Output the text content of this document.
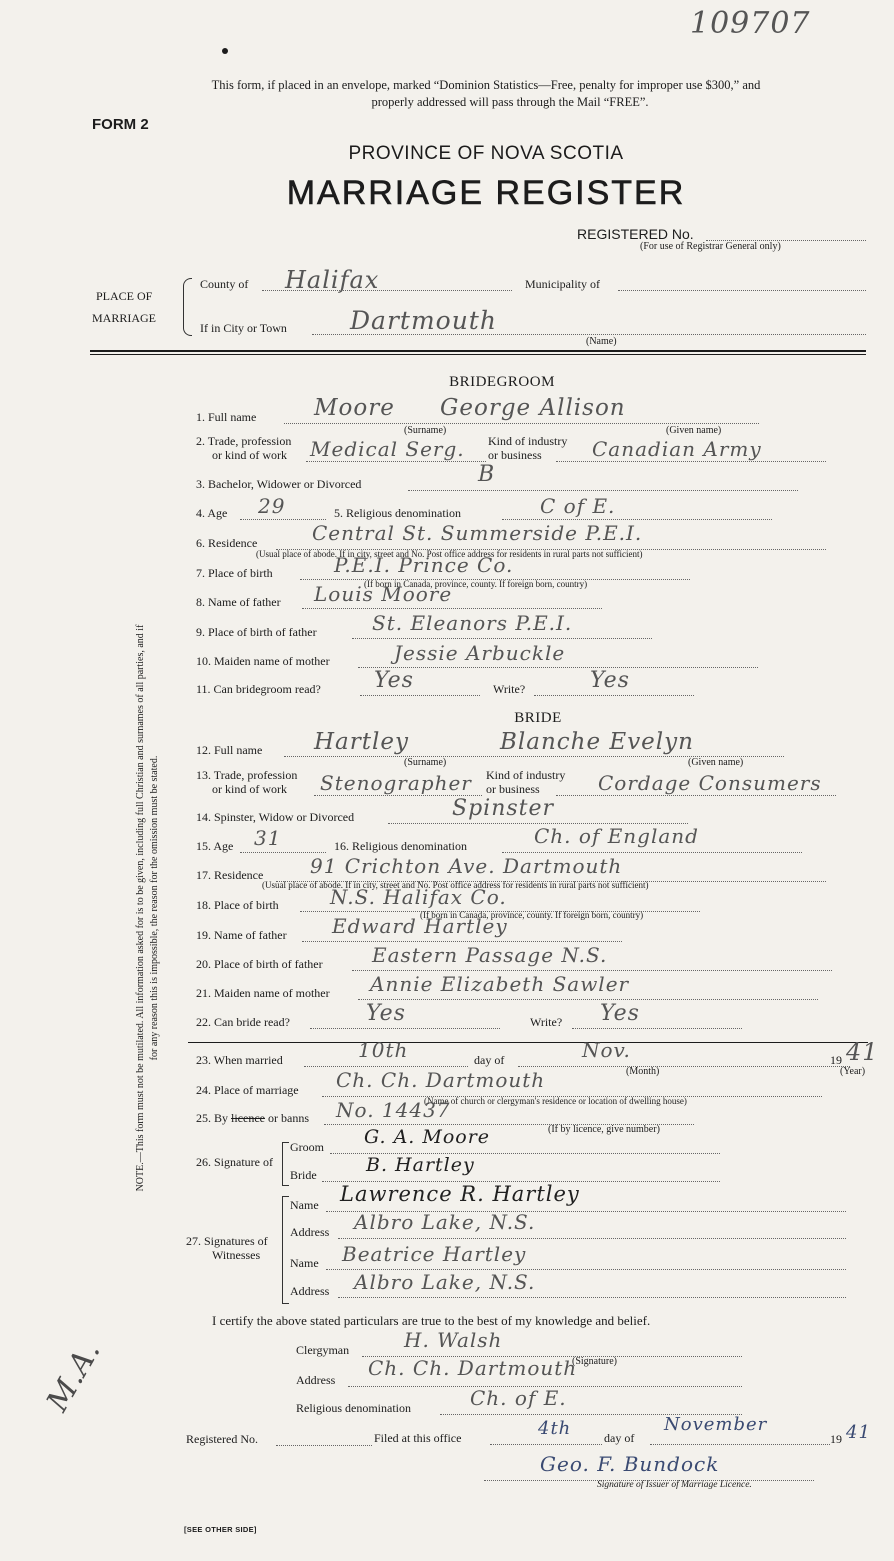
109707
This form, if placed in an envelope, marked “Dominion Statistics—Free, penalty for improper use $300,” and
properly addressed will pass through the Mail “FREE”.
FORM 2
PROVINCE OF NOVA SCOTIA
MARRIAGE REGISTER
REGISTERED No.
(For use of Registrar General only)
PLACE OF
MARRIAGE
County of Halifax	Municipality of
If in City or Town	Dartmouth
(Name)
NOTE.—This form must not be mutilated. All information asked for is to be given, including full Christian and surnames of all parties, and if for any reason this is impossible, the reason for the omission must be stated.
BRIDEGROOM
1. Full name	Moore George Allison
(Surname)	(Given name)
2. Trade, profession
or kind of work Medical Serg. Kind of industry
or business	Canadian Army
3. Bachelor, Widower or Divorced	B
4. Age 29	5. Religious denomination	C of E.
6. Residence	Central St. Summerside P.E.I.
(Usual place of abode. If in city, street and No. Post office address for residents in rural parts not sufficient)
7. Place of birth	P.E.I. Prince Co.
(If born in Canada, province, county. If foreign born, country)
8. Name of father Louis Moore
9. Place of birth of father	St. Eleanors P.E.I.
10. Maiden name of mother	Jessie Arbuckle
11. Can bridegroom read? Yes	Write?	Yes
BRIDE
12. Full name Hartley	Blanche Evelyn
(Surname)	(Given name)
13. Trade, profession
or kind of work Stenographer Kind of industry
or business	Cordage Consumers
14. Spinster, Widow or Divorced	Spinster
15. Age 31	16. Religious denomination	Ch. of England
17. Residence 91 Crichton Ave. Dartmouth
(Usual place of abode. If in city, street and No. Post office address for residents in rural parts not sufficient)
18. Place of birth	N.S. Halifax Co.
(If born in Canada, province, county. If foreign born, country)
19. Name of father Edward Hartley
20. Place of birth of father Eastern Passage N.S.
21. Maiden name of mother Annie Elizabeth Sawler
22. Can bride read?	Yes	Write? Yes
23. When married	10th	day of	Nov.	19 41
(Month)	(Year)
24. Place of marriage Ch. Ch. Dartmouth
(Name of church or clergyman's residence or location of dwelling house)
25. By licence or banns No. 14437
(If by licence, give number)
26. Signature of
Groom G. A. Moore
Bride	B. Hartley
27. Signatures of
Witnesses
Name Lawrence R. Hartley
Address Albro Lake, N.S.
Name Beatrice Hartley
Address Albro Lake, N.S.
I certify the above stated particulars are true to the best of my knowledge and belief.
Clergyman	H. Walsh
(Signature)
Address Ch. Ch. Dartmouth
Religious denomination	Ch. of E.
Registered No.	Filed at this office	4th	day of
November
19 41
Geo. F. Bundock
Signature of Issuer of Marriage Licence.
M.A.
[SEE OTHER SIDE]
